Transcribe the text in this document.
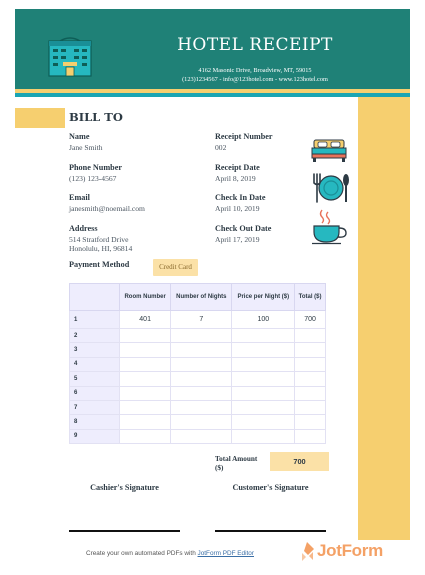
HOTEL RECEIPT
4162 Masonic Drive, Broadview, MT, 59015
(123)1234567 - info@123hotel.com - www.123hotel.com
BILL TO
Name
Jane Smith
Phone Number
(123) 123-4567
Email
janesmith@noemail.com
Address
514 Stratford Drive
Honolulu, HI, 96814
Receipt Number
002
Receipt Date
April 8, 2019
Check In Date
April 10, 2019
Check Out Date
April 17, 2019
Payment Method	Credit Card
	Room Number	Number of Nights	Price per Night ($)	Total ($)
1	401	7	100	700
2				
3				
4				
5				
6				
7				
8				
9				
Total Amount ($)
700
Cashier's Signature	Customer's Signature
Create your own automated PDFs with JotForm PDF Editor	JotForm
